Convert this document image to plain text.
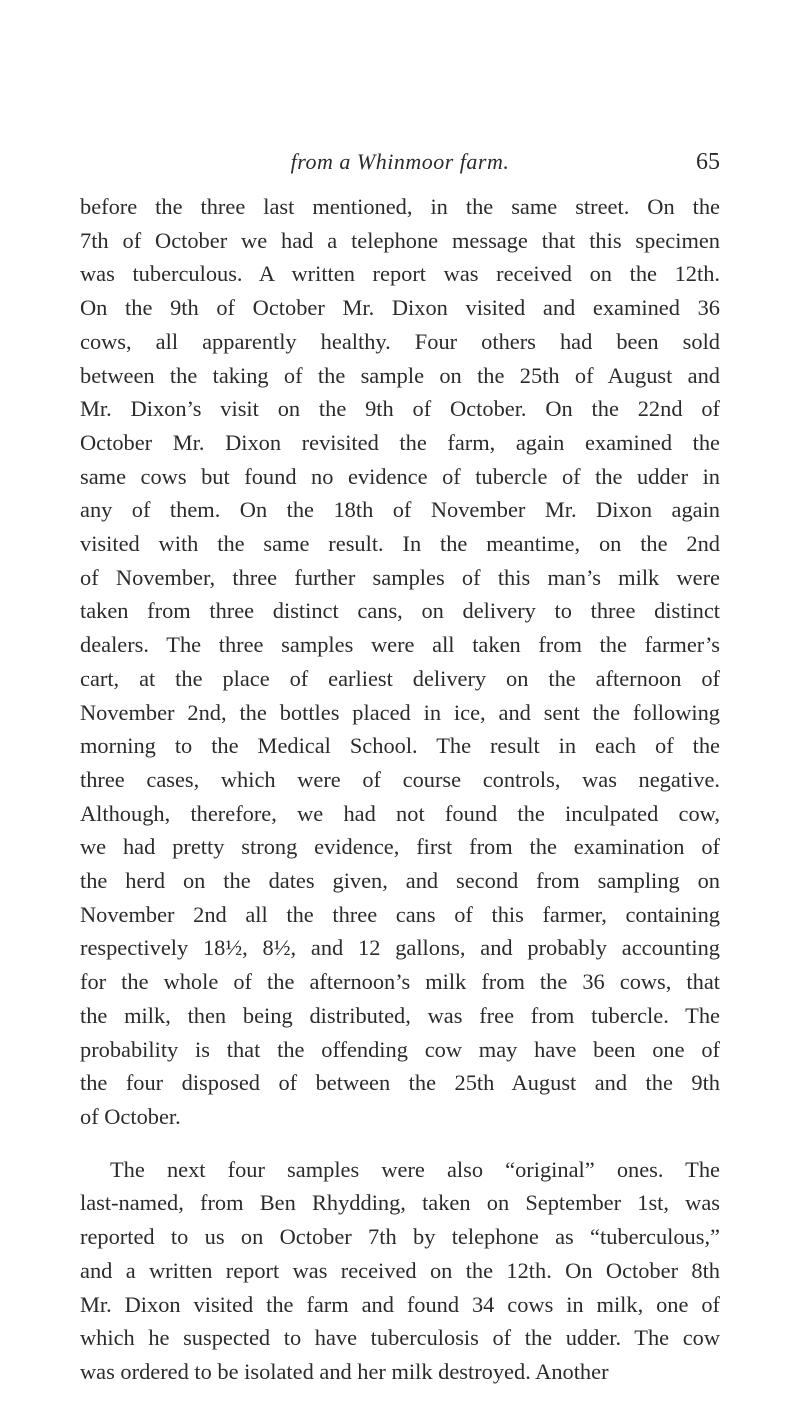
from a Whinmoor farm.	65

before the three last mentioned, in the same street. On the
7th of October we had a telephone message that this specimen
was tuberculous. A written report was received on the 12th.
On the 9th of October Mr. Dixon visited and examined 36
cows, all apparently healthy. Four others had been sold
between the taking of the sample on the 25th of August and
Mr. Dixon’s visit on the 9th of October. On the 22nd of
October Mr. Dixon revisited the farm, again examined the
same cows but found no evidence of tubercle of the udder in
any of them. On the 18th of November Mr. Dixon again
visited with the same result. In the meantime, on the 2nd
of November, three further samples of this man’s milk were
taken from three distinct cans, on delivery to three distinct
dealers. The three samples were all taken from the farmer’s
cart, at the place of earliest delivery on the afternoon of
November 2nd, the bottles placed in ice, and sent the following
morning to the Medical School. The result in each of the
three cases, which were of course controls, was negative.
Although, therefore, we had not found the inculpated cow,
we had pretty strong evidence, first from the examination of
the herd on the dates given, and second from sampling on
November 2nd all the three cans of this farmer, containing
respectively 18½, 8½, and 12 gallons, and probably accounting
for the whole of the afternoon’s milk from the 36 cows, that
the milk, then being distributed, was free from tubercle. The
probability is that the offending cow may have been one of
the four disposed of between the 25th August and the 9th
of October.

The next four samples were also “original” ones. The
last-named, from Ben Rhydding, taken on September 1st, was
reported to us on October 7th by telephone as “tuberculous,”
and a written report was received on the 12th. On October 8th
Mr. Dixon visited the farm and found 34 cows in milk, one of
which he suspected to have tuberculosis of the udder. The cow
was ordered to be isolated and her milk destroyed. Another
